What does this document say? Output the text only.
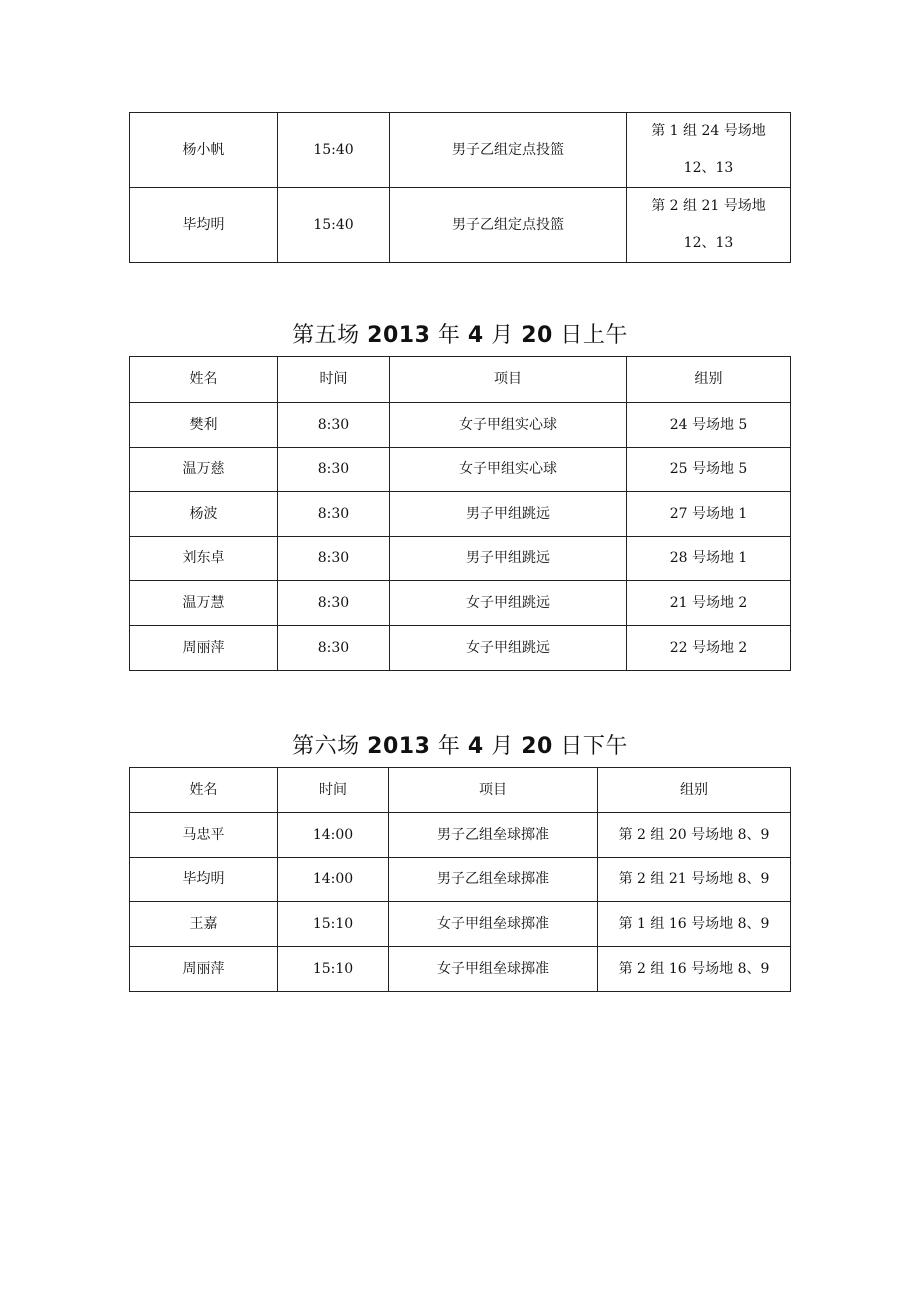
杨小帆	15:40	男子乙组定点投篮	第 1 组 24 号场地
12、13

毕均明	15:40	男子乙组定点投篮	第 2 组 21 号场地
12、13
第五场 2013 年 4 月 20 日上午
姓名	时间	项目	组别
樊利	8:30	女子甲组实心球	24 号场地 5
温万慈	8:30	女子甲组实心球	25 号场地 5
杨波	8:30	男子甲组跳远	27 号场地 1
刘东卓	8:30	男子甲组跳远	28 号场地 1
温万慧	8:30	女子甲组跳远	21 号场地 2
周丽萍	8:30	女子甲组跳远	22 号场地 2
第六场 2013 年 4 月 20 日下午
姓名	时间	项目	组别
马忠平	14:00	男子乙组垒球掷准	第 2 组 20 号场地 8、9
毕均明	14:00	男子乙组垒球掷准	第 2 组 21 号场地 8、9
王嘉	15:10	女子甲组垒球掷准	第 1 组 16 号场地 8、9
周丽萍	15:10	女子甲组垒球掷准	第 2 组 16 号场地 8、9
